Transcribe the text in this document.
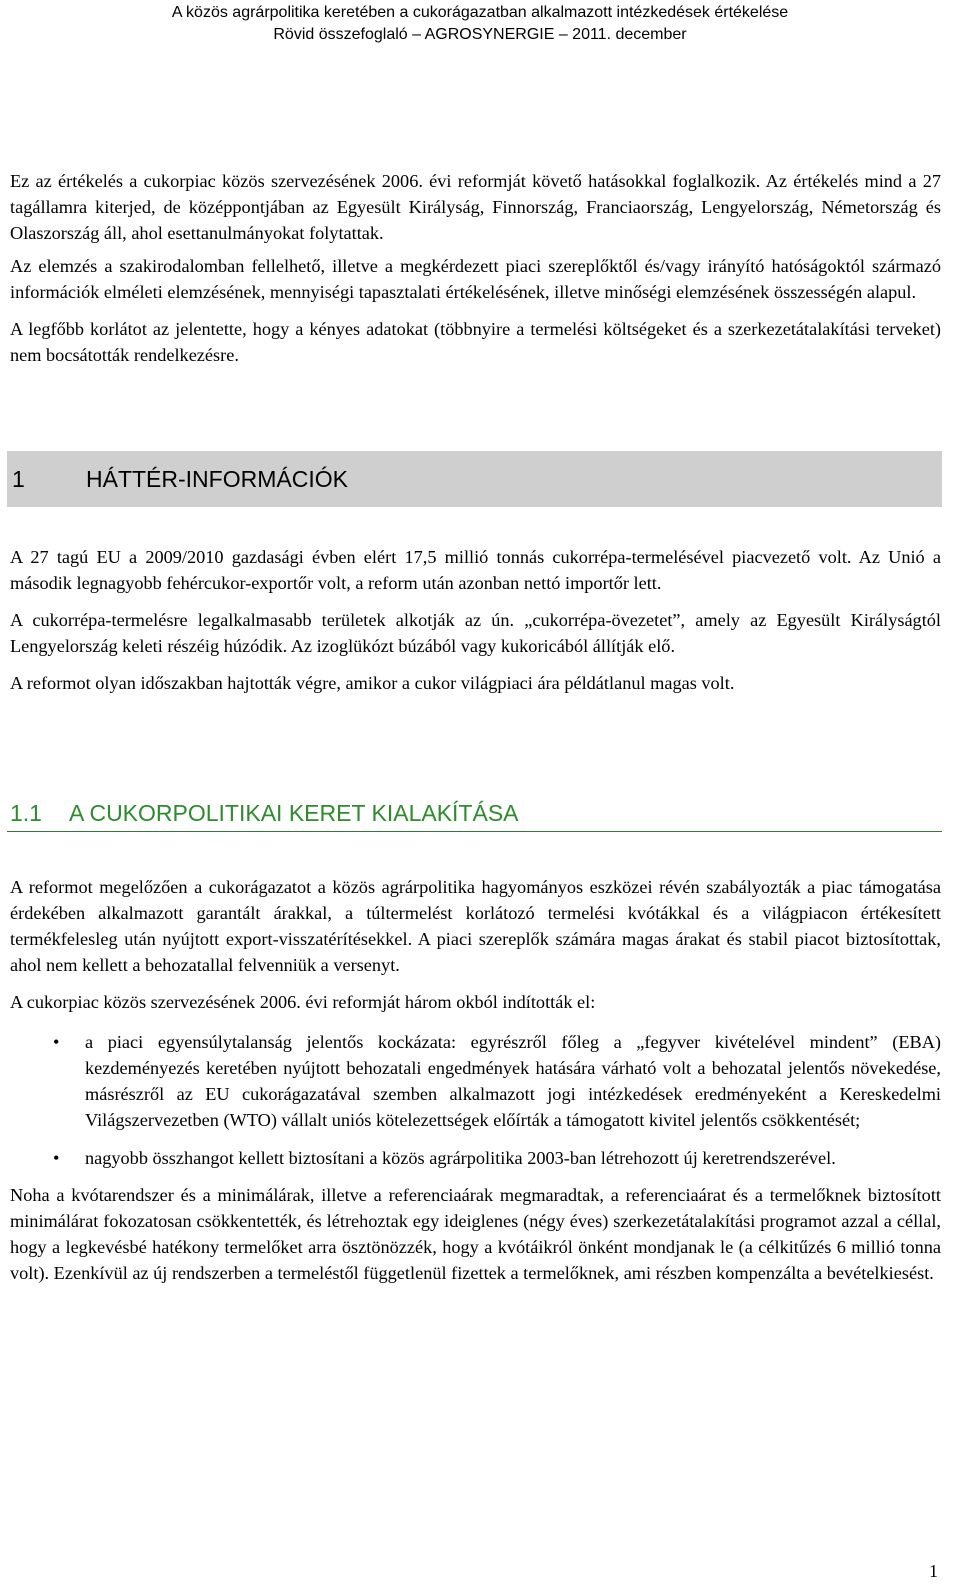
A közös agrárpolitika keretében a cukorágazatban alkalmazott intézkedések értékelése
Rövid összefoglaló – AGROSYNERGIE – 2011. december

Ez az értékelés a cukorpiac közös szervezésének 2006. évi reformját követő hatásokkal foglalkozik. Az értékelés mind a 27 tagállamra kiterjed, de középpontjában az Egyesült Királyság, Finnország, Franciaország, Lengyelország, Németország és Olaszország áll, ahol esettanulmányokat folytattak.

Az elemzés a szakirodalomban fellelhető, illetve a megkérdezett piaci szereplőktől és/vagy irányító hatóságoktól származó információk elméleti elemzésének, mennyiségi tapasztalati értékelésének, illetve minőségi elemzésének összességén alapul.

A legfőbb korlátot az jelentette, hogy a kényes adatokat (többnyire a termelési költségeket és a szerkezetátalakítási terveket) nem bocsátották rendelkezésre.

1	HÁTTÉR-INFORMÁCIÓK

A 27 tagú EU a 2009/2010 gazdasági évben elért 17,5 millió tonnás cukorrépa-termelésével piacvezető volt. Az Unió a második legnagyobb fehércukor-exportőr volt, a reform után azonban nettó importőr lett.

A cukorrépa-termelésre legalkalmasabb területek alkotják az ún. „cukorrépa-övezetet”, amely az Egyesült Királyságtól Lengyelország keleti részéig húzódik. Az izoglükózt búzából vagy kukoricából állítják elő.

A reformot olyan időszakban hajtották végre, amikor a cukor világpiaci ára példátlanul magas volt.

1.1 A CUKORPOLITIKAI KERET KIALAKÍTÁSA

A reformot megelőzően a cukorágazatot a közös agrárpolitika hagyományos eszközei révén szabályozták a piac támogatása érdekében alkalmazott garantált árakkal, a túltermelést korlátozó termelési kvótákkal és a világpiacon értékesített termékfelesleg után nyújtott export-visszatérítésekkel. A piaci szereplők számára magas árakat és stabil piacot biztosítottak, ahol nem kellett a behozatallal felvenniük a versenyt.

A cukorpiac közös szervezésének 2006. évi reformját három okból indították el:

• a piaci egyensúlytalanság jelentős kockázata: egyrészről főleg a „fegyver kivételével mindent” (EBA) kezdeményezés keretében nyújtott behozatali engedmények hatására várható volt a behozatal jelentős növekedése, másrészről az EU cukorágazatával szemben alkalmazott jogi intézkedések eredményeként a Kereskedelmi Világszervezetben (WTO) vállalt uniós kötelezettségek előírták a támogatott kivitel jelentős csökkentését;
• nagyobb összhangot kellett biztosítani a közös agrárpolitika 2003-ban létrehozott új keretrendszerével.

Noha a kvótarendszer és a minimálárak, illetve a referenciaárak megmaradtak, a referenciaárat és a termelőknek biztosított minimálárat fokozatosan csökkentették, és létrehoztak egy ideiglenes (négy éves) szerkezetátalakítási programot azzal a céllal, hogy a legkevésbé hatékony termelőket arra ösztönözzék, hogy a kvótáikról önként mondjanak le (a célkitűzés 6 millió tonna volt). Ezenkívül az új rendszerben a termeléstől függetlenül fizettek a termelőknek, ami részben kompenzálta a bevételkiesést.

1
